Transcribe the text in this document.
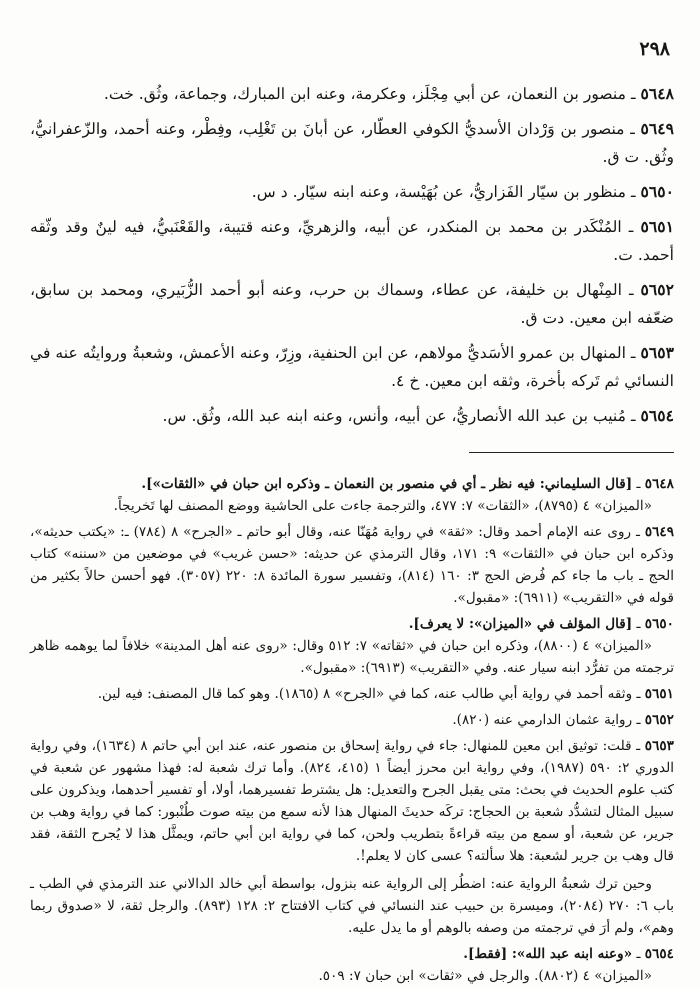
٢٩٨

٥٦٤٨ ـ منصور بن النعمان، عن أبي مِجْلَز، وعكرمة، وعنه ابن المبارك، وجماعة، وثُق. خت.

٥٦٤٩ ـ منصور بن وَرْدان الأسديُّ الكوفي العطّار، عن أبانَ بن تَغْلِب، وفِطْر، وعنه أحمد، والزّعفرانيُّ، وثُق. ت ق.

٥٦٥٠ ـ منظور بن سيّار الفَزاريُّ، عن بُهَيْسة، وعنه ابنه سيّار. د س.

٥٦٥١ ـ المُنْكَدر بن محمد بن المنكدر، عن أبيه، والزهريِّ، وعنه قتيبة، والقَعْنَبيُّ، فيه لينٌ وقد وثّقه أحمد. ت.

٥٦٥٢ ـ المِنْهال بن خليفة، عن عطاء، وسماك بن حرب، وعنه أبو أحمد الزُّبَيري، ومحمد بن سابق، ضعّفه ابن معين. دت ق.

٥٦٥٣ ـ المنهال بن عمرو الأسَديُّ مولاهم، عن ابن الحنفية، وزِرّ، وعنه الأعمش، وشعبةُ وروايتُه عنه في النسائي ثم تَركه بأخرة، وثقه ابن معين. خ ٤.

٥٦٥٤ ـ مُنيب بن عبد الله الأنصاريُّ، عن أبيه، وأنس، وعنه ابنه عبد الله، وثُق. س.

٥٦٤٨ ـ [قال السليماني: فيه نظر ـ أي في منصور بن النعمان ـ وذكره ابن حبان في «الثقات»].
«الميزان» ٤ (٨٧٩٥)، «الثقات» ٧: ٤٧٧، والترجمة جاءت على الحاشية ووضع المصنف لها تَخريجاً.

٥٦٤٩ ـ روى عنه الإمام أحمد وقال: «ثقة» في رواية مُهَنّا عنه، وقال أبو حاتم ـ «الجرح» ٨ (٧٨٤) ـ: «يكتب حديثه»، وذكره ابن حبان في «الثقات» ٩: ١٧١، وقال الترمذي عن حديثه: «حسن غريب» في موضعين من «سننه» كتاب الحج ـ باب ما جاء كم فُرض الحج ٣: ١٦٠ (٨١٤)، وتفسير سورة المائدة ٨: ٢٢٠ (٣٠٥٧). فهو أحسن حالاً بكثير من قوله في «التقريب» (٦٩١١): «مقبول».

٥٦٥٠ ـ [قال المؤلف في «الميزان»: لا يعرف].
«الميزان» ٤ (٨٨٠٠)، وذكره ابن حبان في «ثقاته» ٧: ٥١٢ وقال: «روى عنه أهل المدينة» خلافاً لما يوهمه ظاهر ترجمته من تفرُّد ابنه سيار عنه. وفي «التقريب» (٦٩١٣): «مقبول».

٥٦٥١ ـ وثقه أحمد في رواية أبي طالب عنه، كما في «الجرح» ٨ (١٨٦٥). وهو كما قال المصنف: فيه لين.

٥٦٥٢ ـ رواية عثمان الدارمي عنه (٨٢٠).

٥٦٥٣ ـ قلت: توثيق ابن معين للمنهال: جاء في رواية إسحاق بن منصور عنه، عند ابن أبي حاتم ٨ (١٦٣٤)، وفي رواية الدوري ٢: ٥٩٠ (١٩٨٧)، وفي رواية ابن محرز أيضاً ١ (٤١٥، ٨٢٤). وأما ترك شعبة له: فهذا مشهور عن شعبة في كتب علوم الحديث في بحث: متى يقبل الجرح والتعديل: هل يشترط تفسيرهما، أولا، أو تفسير أحدهما، ويذكرون على سبيل المثال لتشدُّد شعبة بن الحجاج: تركَه حديثَ المنهال هذا لأنه سمع من بيته صوت طُنْبور: كما في رواية وهب بن جرير، عن شعبة، أو سمع من بيته قراءةً بتطريب ولحن، كما في رواية ابن أبي حاتم، ويمثَّل هذا لا يُجرح الثقة، فقد قال وهب بن جرير لشعبة: هلا سألته؟ عسى كان لا يعلم!.
وحين ترك شعبةُ الرواية عنه: اضطُر إلى الرواية عنه بنزول، بواسطة أبي خالد الدالاني عند الترمذي في الطب ـ باب ٦: ٢٧٠ (٢٠٨٤)، وميسرة بن حبيب عند النسائي في كتاب الافتتاح ٢: ١٢٨ (٨٩٣). والرجل ثقة، لا «صدوق ربما وهم»، ولم أرَ في ترجمته من وصفه بالوهم أو ما يدل عليه.

٥٦٥٤ ـ «وعنه ابنه عبد الله»: [فقط].
«الميزان» ٤ (٨٨٠٢). والرجل في «ثقات» ابن حبان ٧: ٥٠٩.
